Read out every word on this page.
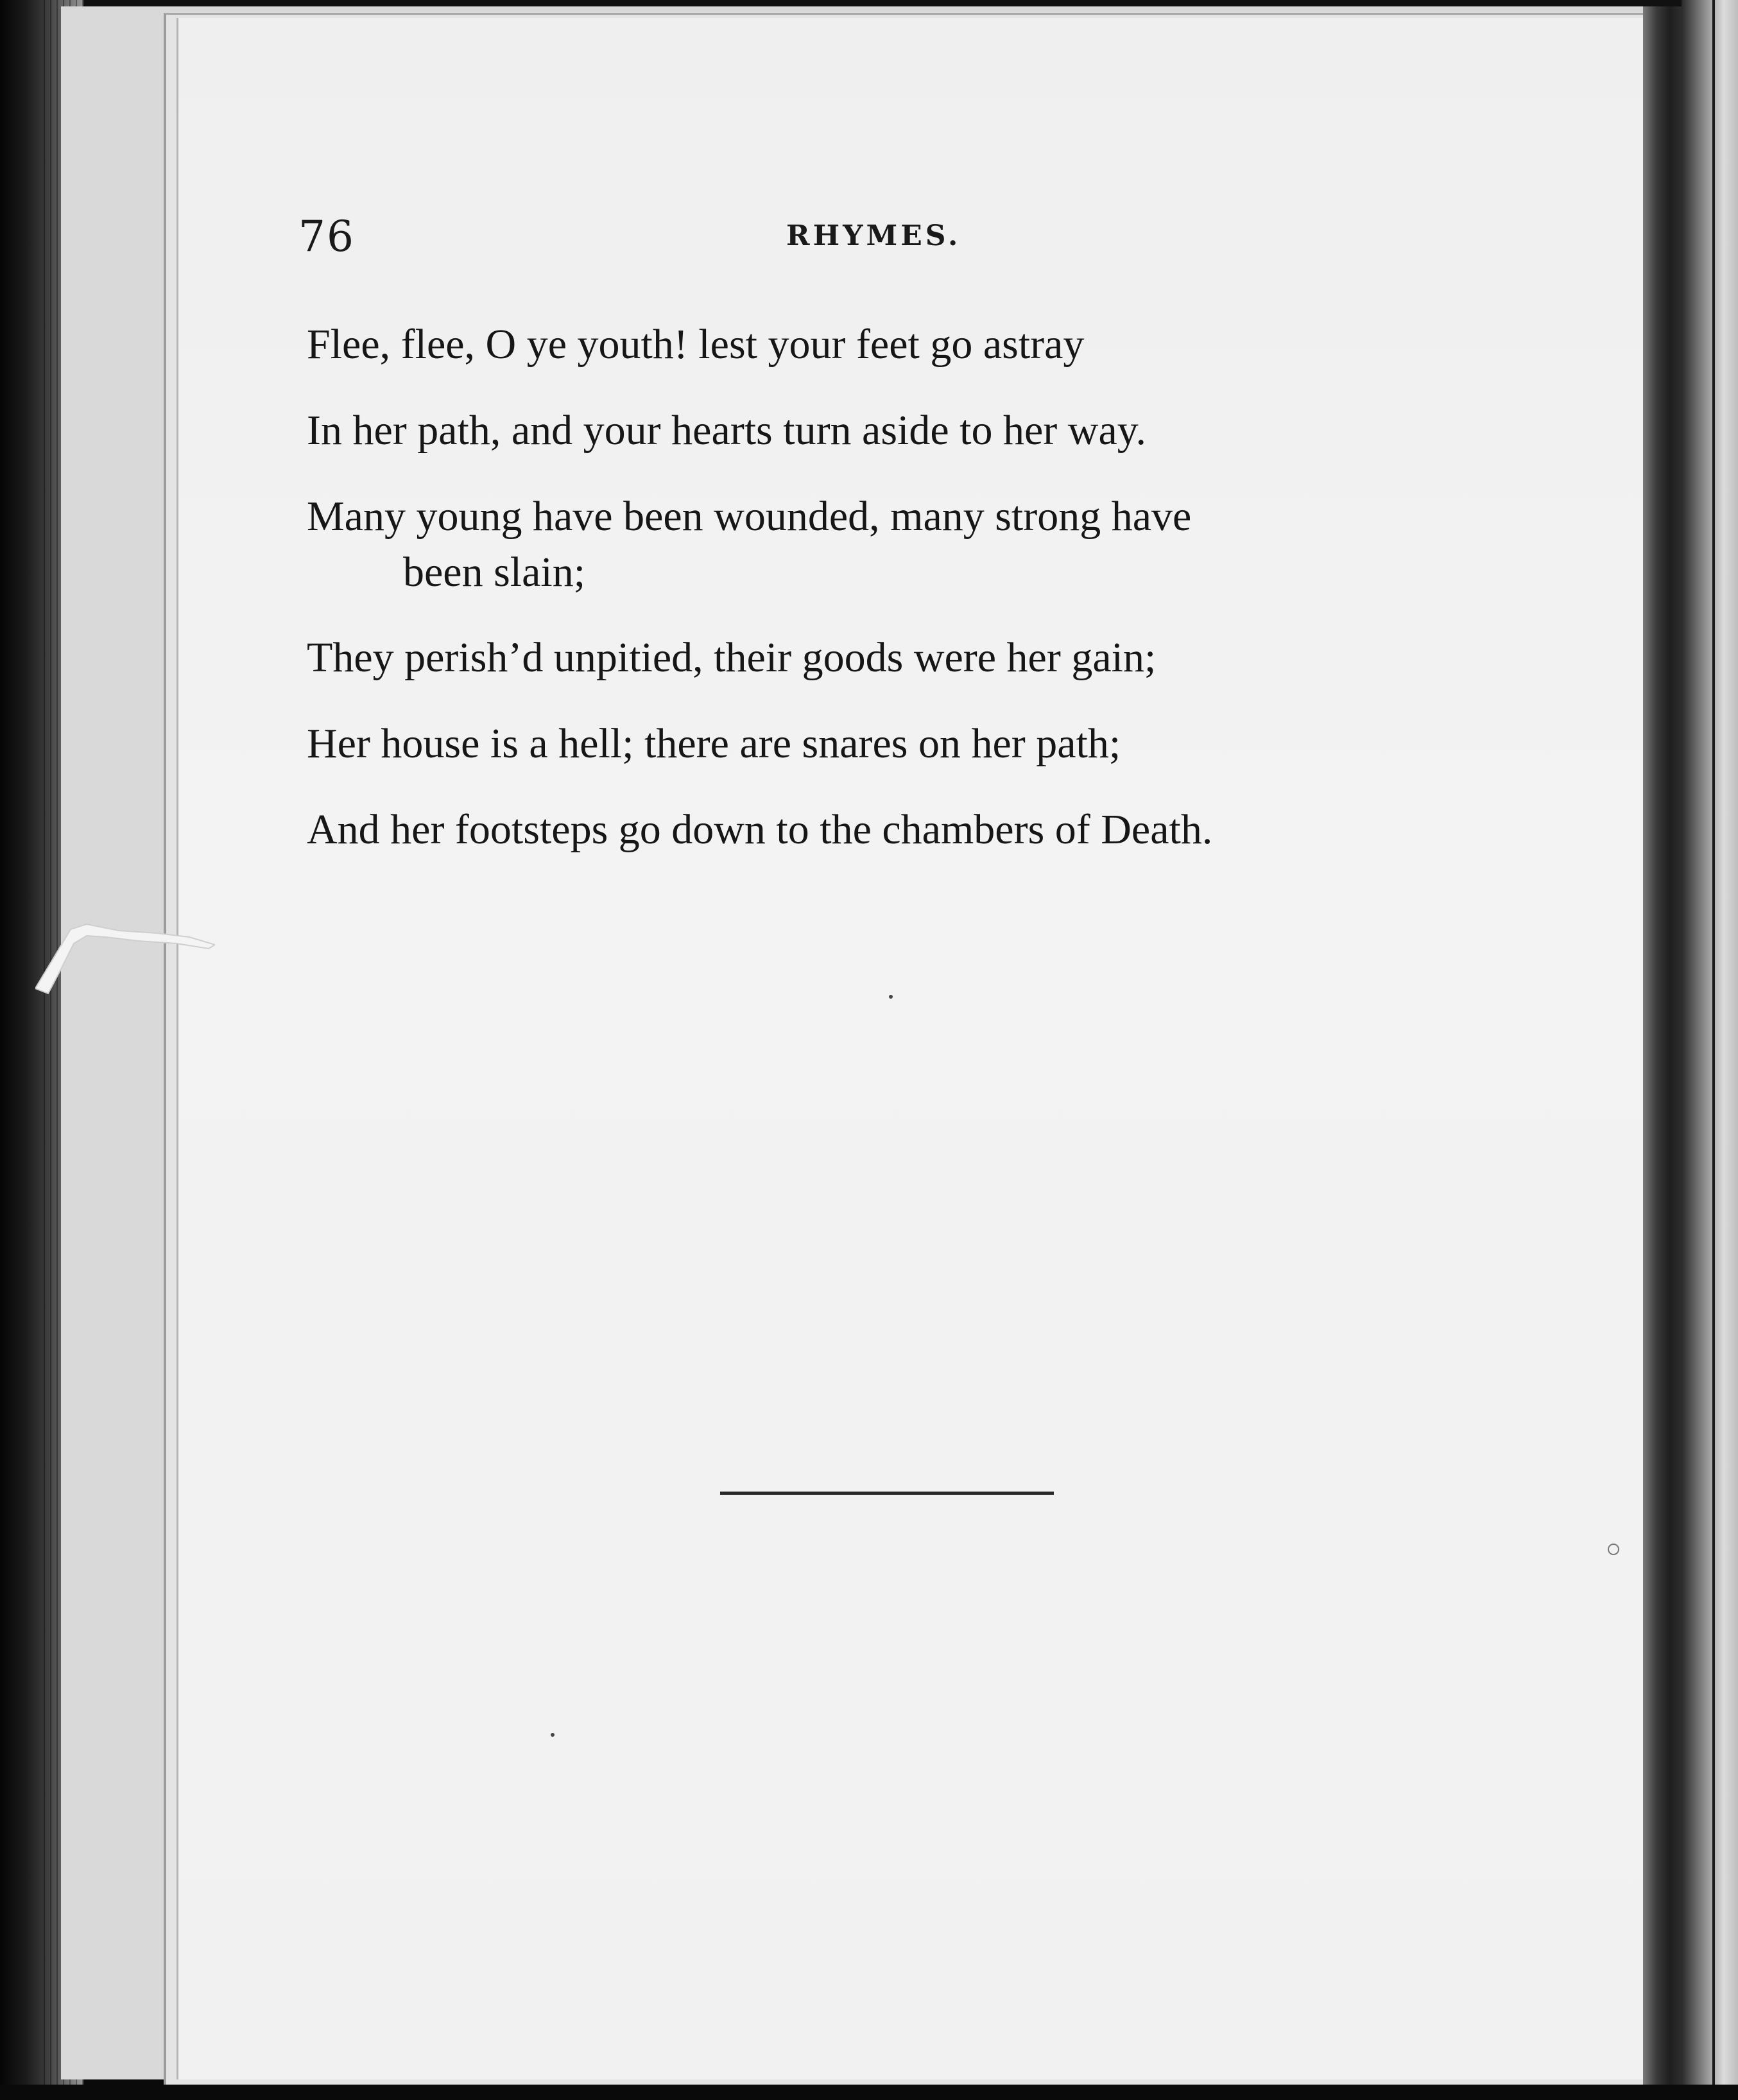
76	RHYMES.
Flee, flee, O ye youth! lest your feet go astray
In her path, and your hearts turn aside to her way.
Many young have been wounded, many strong have
been slain;
They perish’d unpitied, their goods were her gain;
Her house is a hell; there are snares on her path;
And her footsteps go down to the chambers of Death.
